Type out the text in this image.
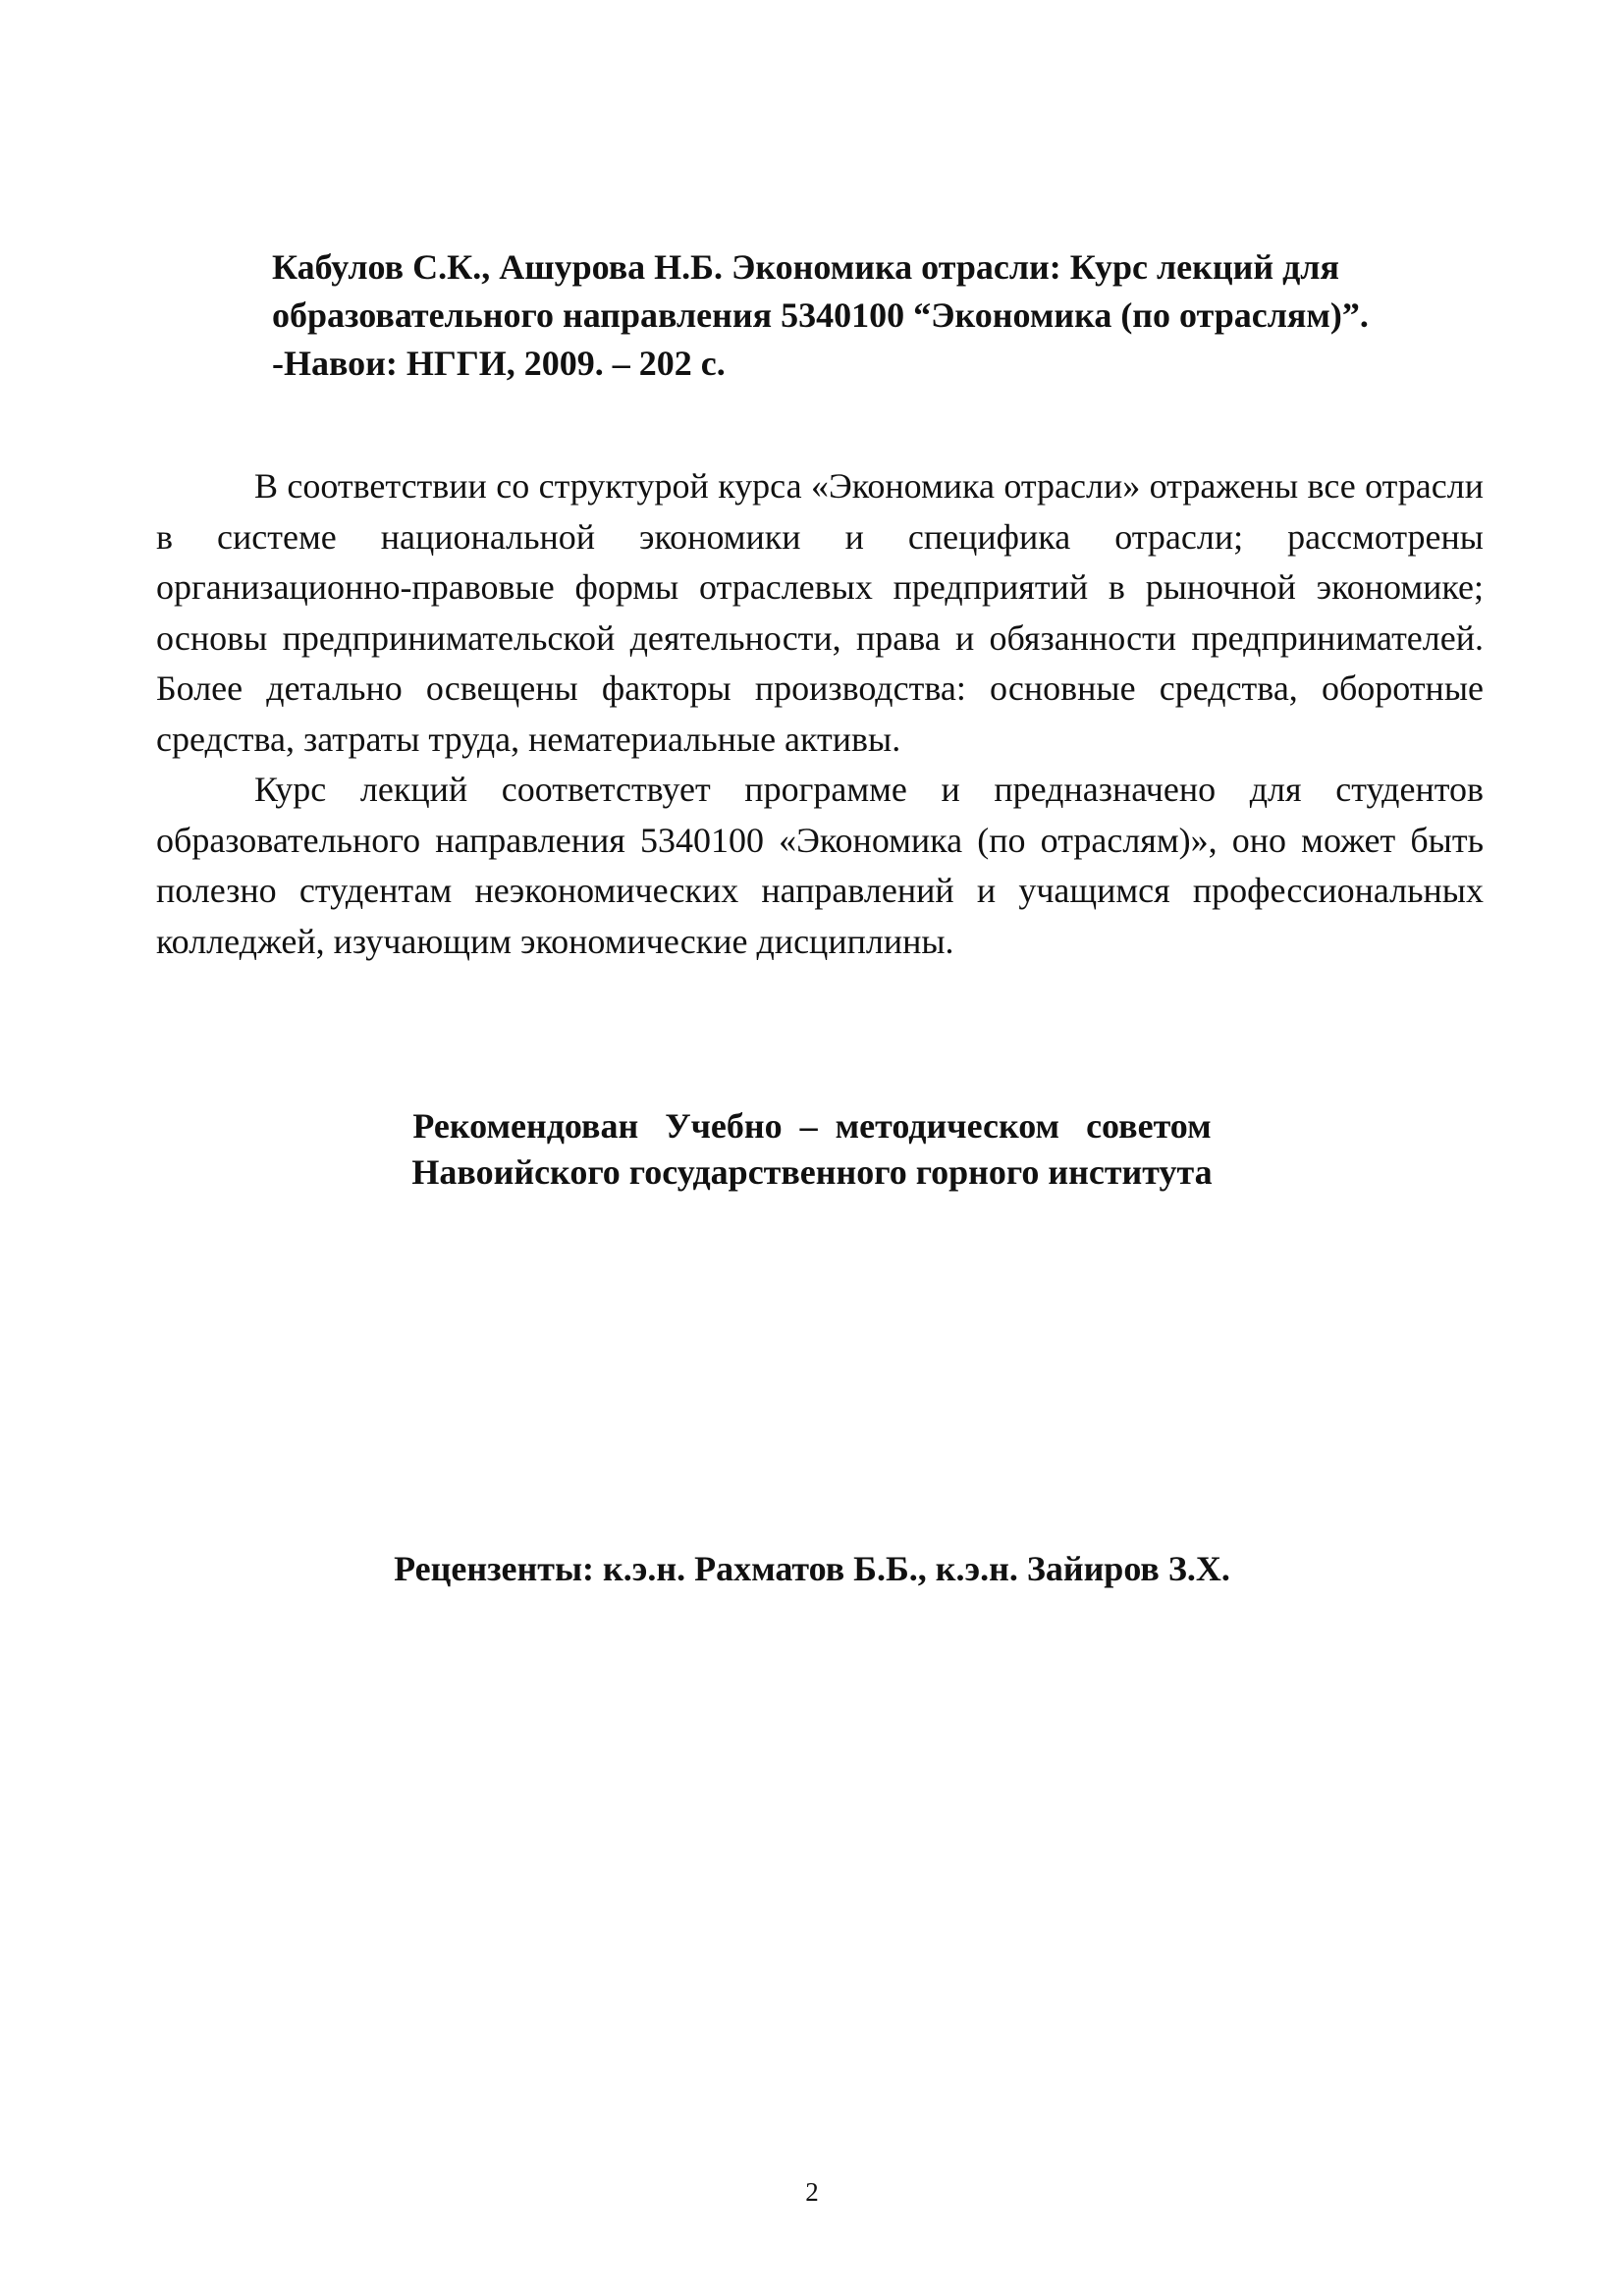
Кабулов С.К., Ашурова Н.Б. Экономика отрасли: Курс лекций для
образовательного направления 5340100 “Экономика (по отраслям)”.
-Навои: НГГИ, 2009. – 202 с.

В соответствии со структурой курса «Экономика отрасли» отражены все отрасли в системе национальной экономики и специфика отрасли; рассмотрены организационно-правовые формы отраслевых предприятий в рыночной экономике; основы предпринимательской деятельности, права и обязанности предпринимателей. Более детально освещены факторы производства: основные средства, оборотные средства, затраты труда, нематериальные активы.

Курс лекций соответствует программе и предназначено для студентов образовательного направления 5340100 «Экономика (по отраслям)», оно может быть полезно студентам неэкономических направлений и учащимся профессиональных колледжей, изучающим экономические дисциплины.

Рекомендован   Учебно  –  методическом   советом
Навоийского государственного горного института
Рецензенты: к.э.н. Рахматов Б.Б., к.э.н. Зайиров З.Х.
2
